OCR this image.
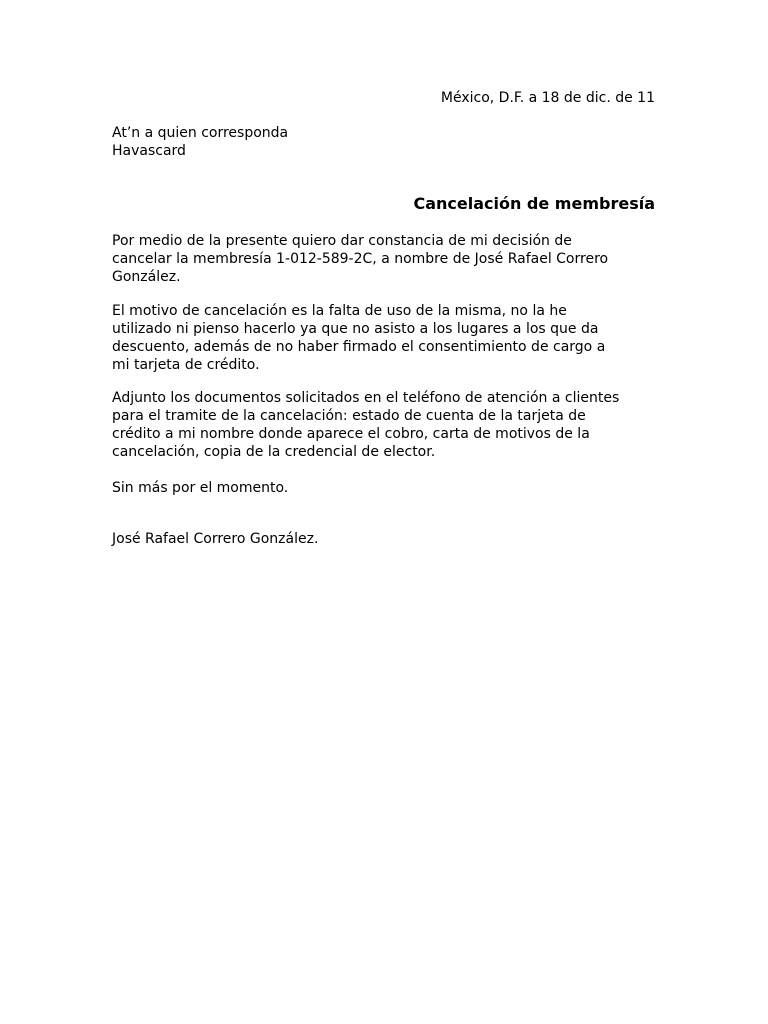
México, D.F. a 18 de dic. de 11
At’n a quien corresponda
Havascard
Cancelación de membresía
Por medio de la presente quiero dar constancia de mi decisión de
cancelar la membresía 1-012-589-2C, a nombre de José Rafael Correro
González.
El motivo de cancelación es la falta de uso de la misma, no la he
utilizado ni pienso hacerlo ya que no asisto a los lugares a los que da
descuento, además de no haber firmado el consentimiento de cargo a
mi tarjeta de crédito.
Adjunto los documentos solicitados en el teléfono de atención a clientes
para el tramite de la cancelación: estado de cuenta de la tarjeta de
crédito a mi nombre donde aparece el cobro, carta de motivos de la
cancelación, copia de la credencial de elector.
Sin más por el momento.
José Rafael Correro González.
